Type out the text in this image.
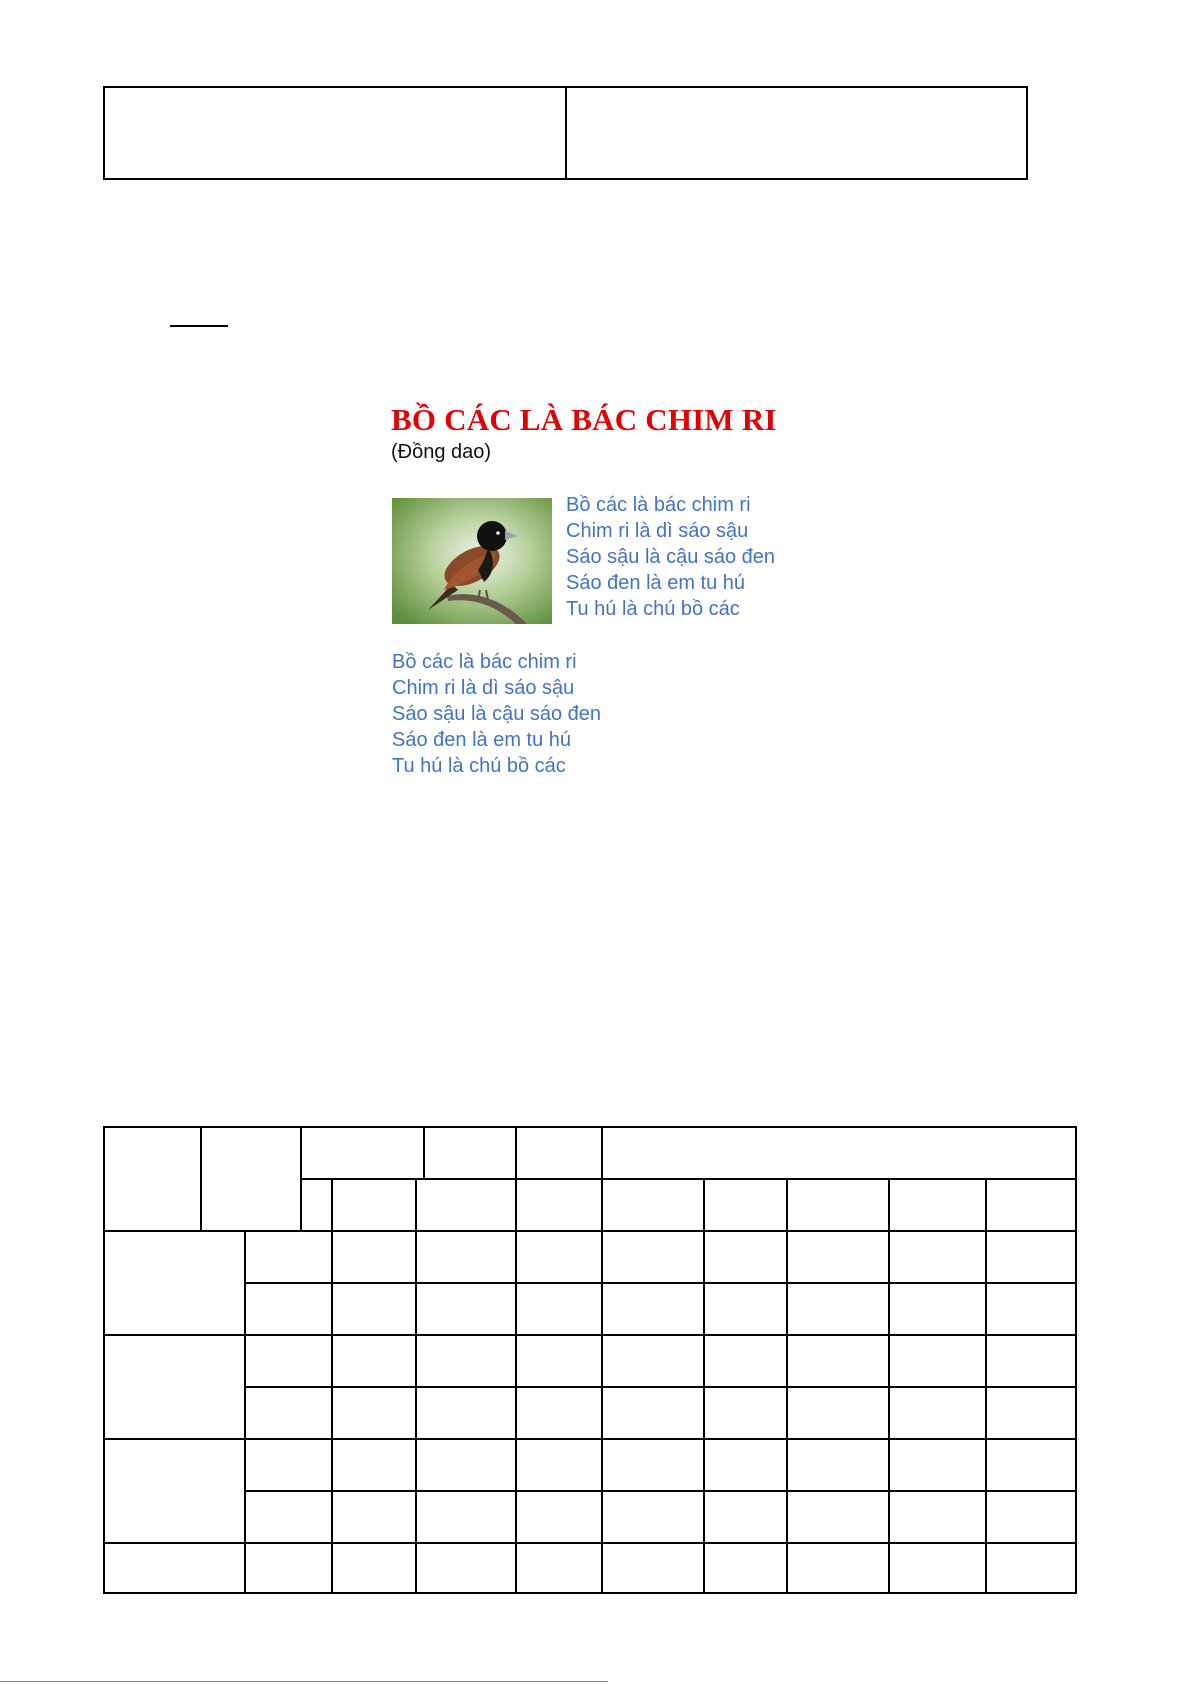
BỒ CÁC LÀ BÁC CHIM RI
(Đồng dao)
Bồ các là bác chim ri
Chim ri là dì sáo sậu
Sáo sậu là cậu sáo đen
Sáo đen là em tu hú
Tu hú là chú bồ các
Bồ các là bác chim ri
Chim ri là dì sáo sậu
Sáo sậu là cậu sáo đen
Sáo đen là em tu hú
Tu hú là chú bồ các
